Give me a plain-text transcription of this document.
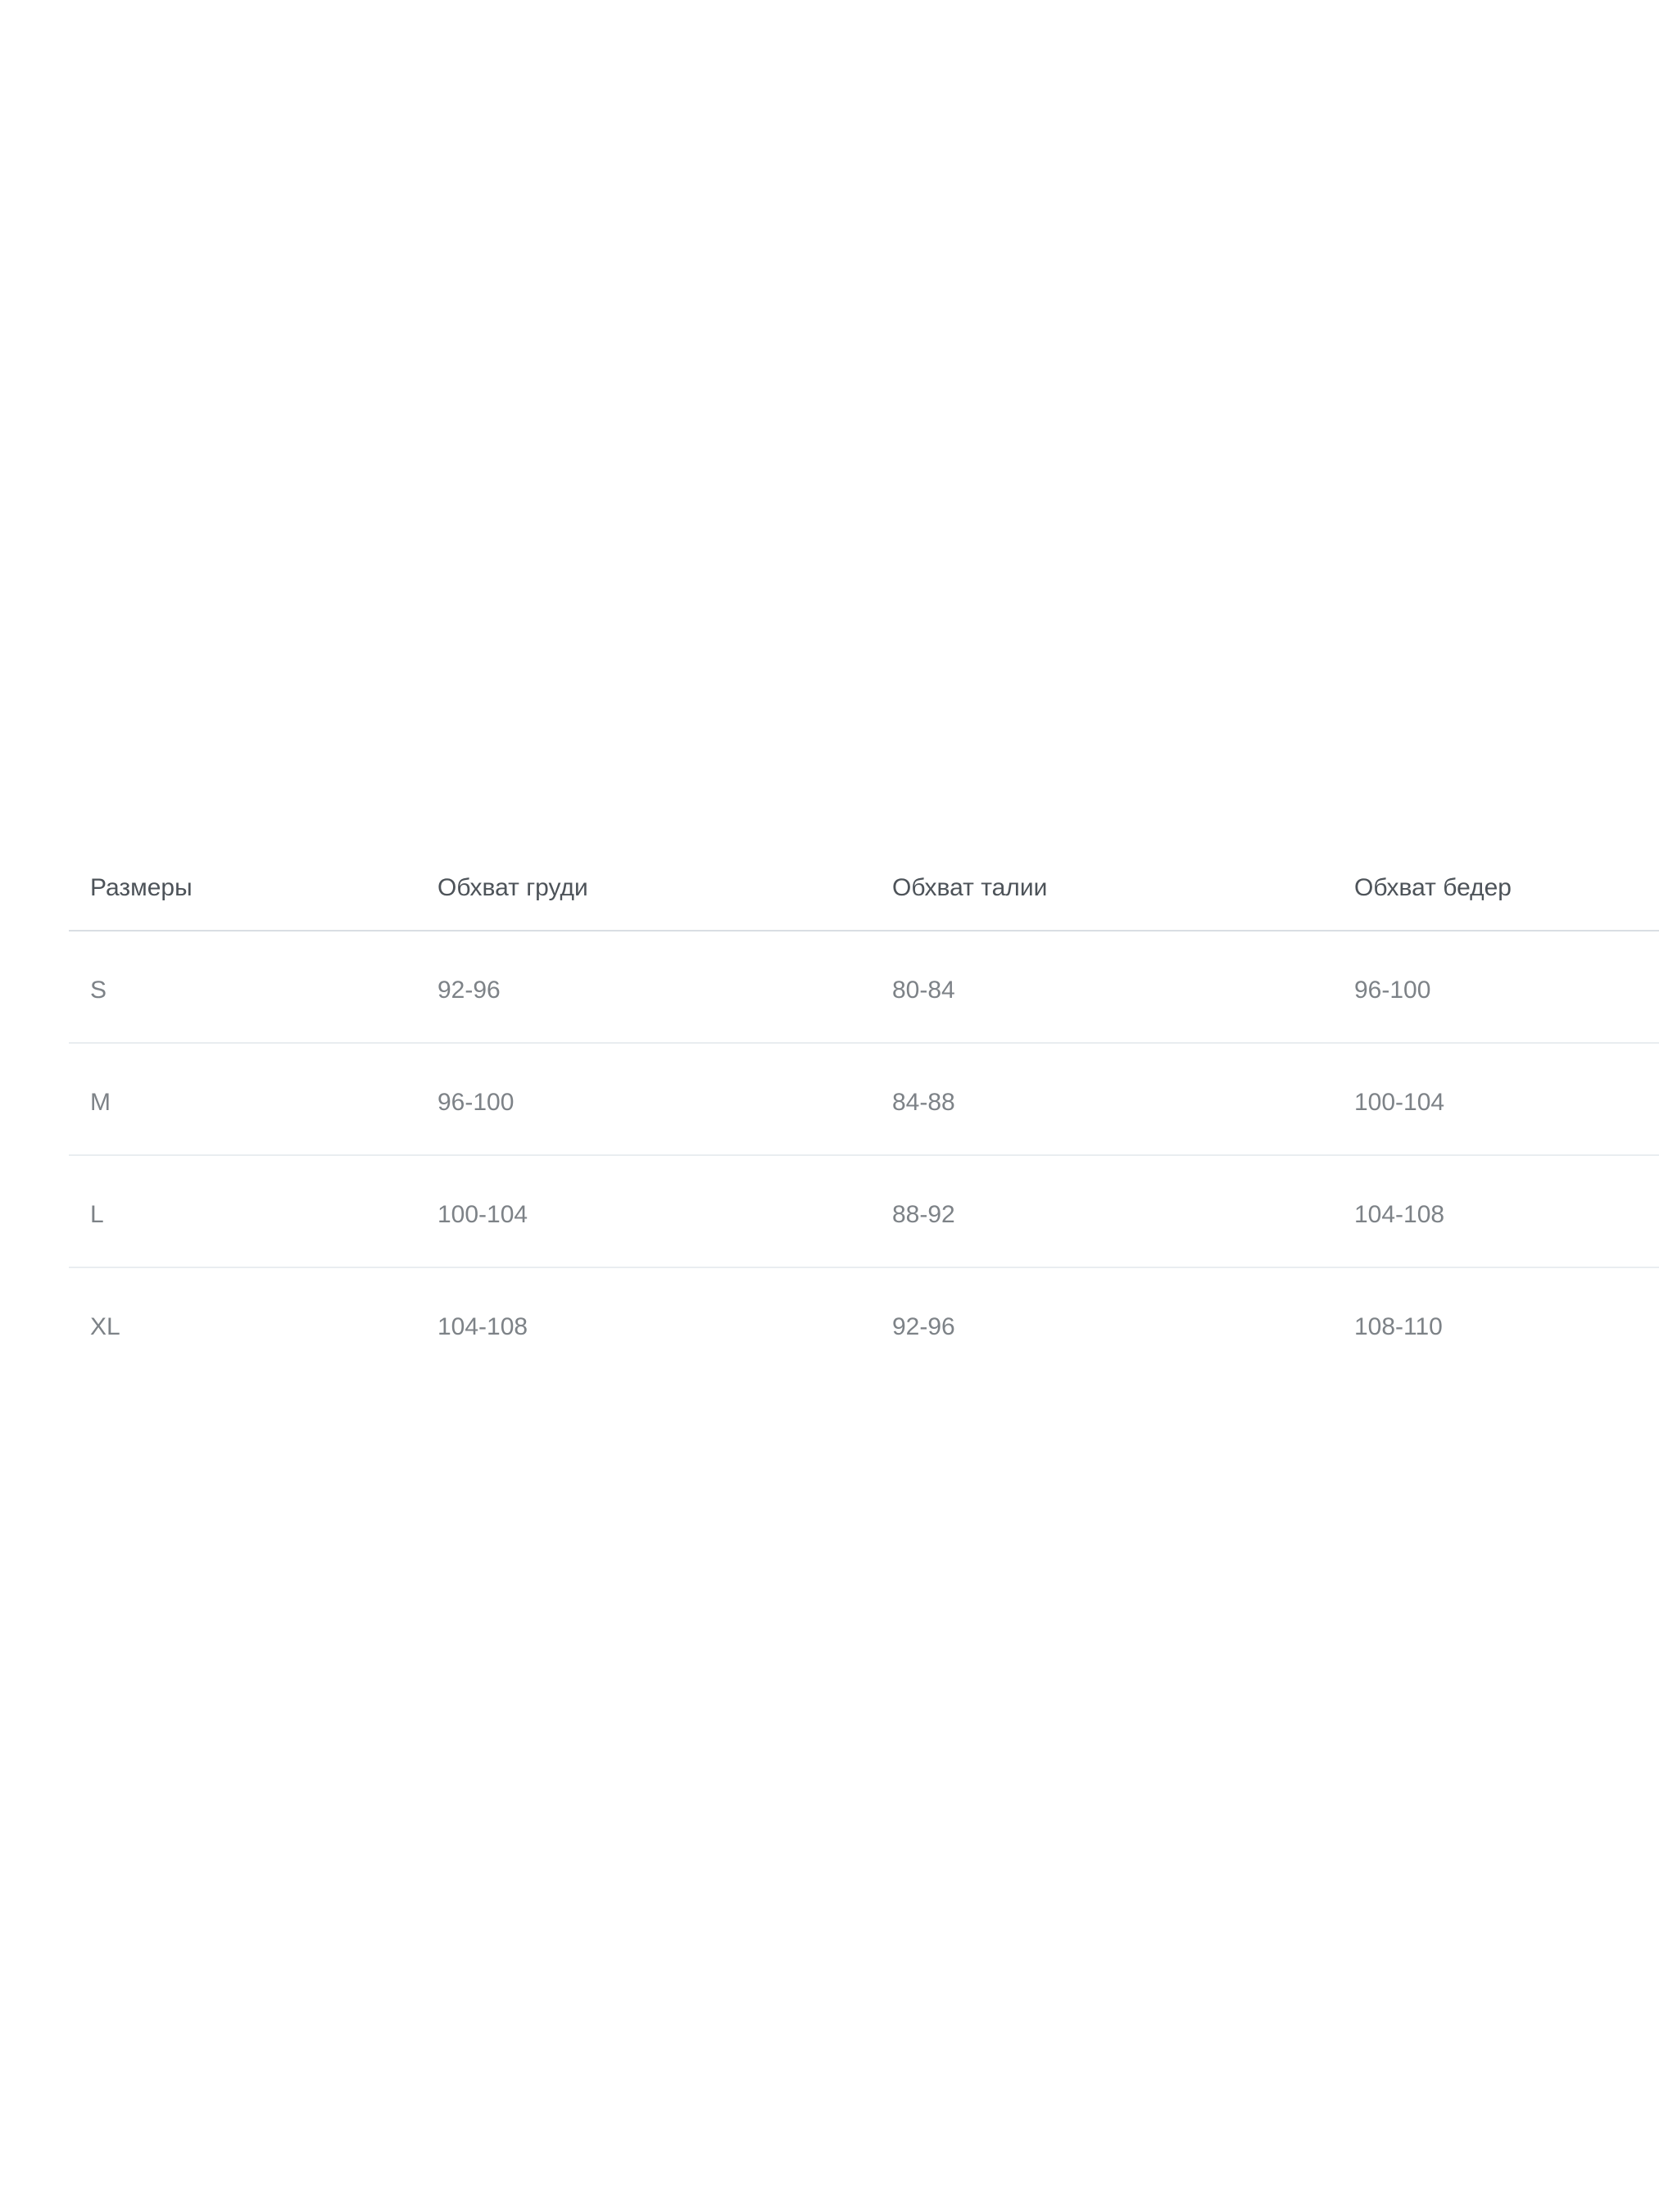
Размеры	Обхват груди	Обхват талии	Обхват бедер
S	92-96	80-84	96-100
M	96-100	84-88	100-104
L	100-104	88-92	104-108
XL	104-108	92-96	108-110
